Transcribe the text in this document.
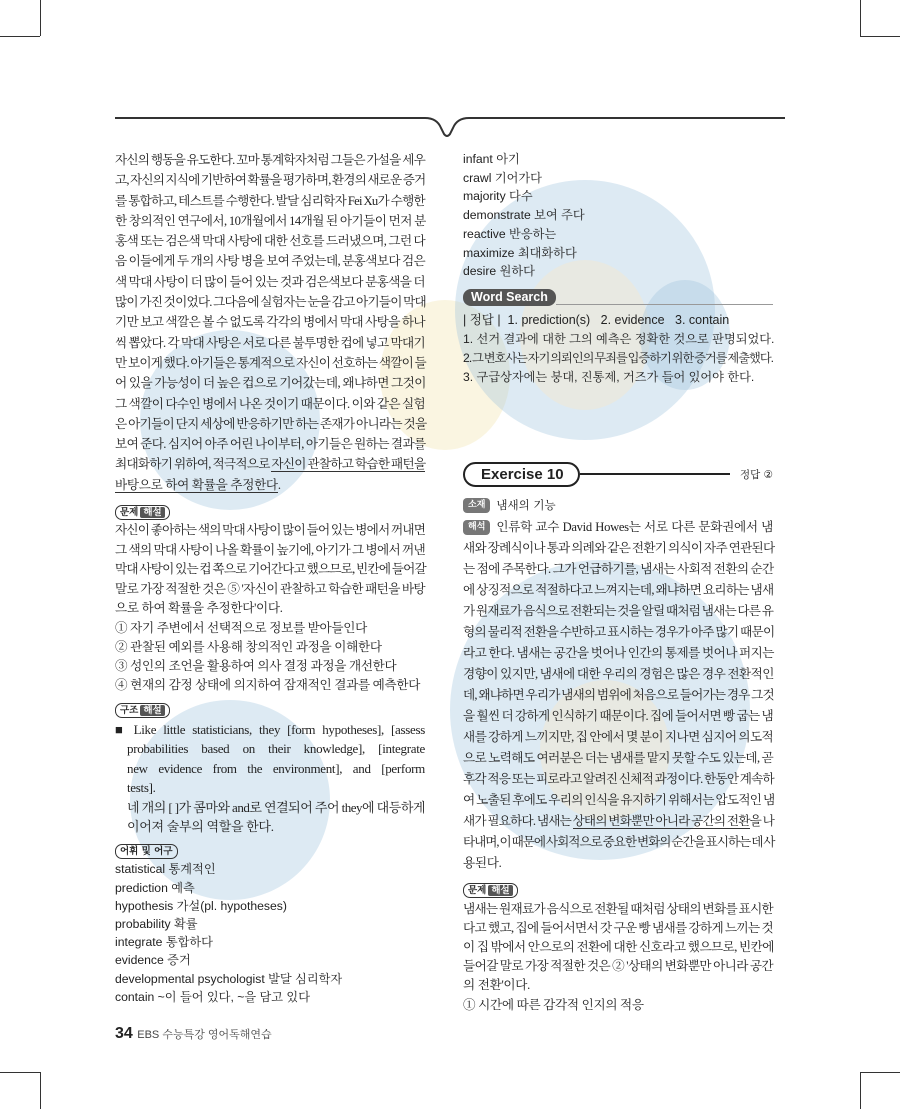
자신의 행동을 유도한다. 꼬마 통계학자처럼 그들은 가설을 세우
고, 자신의 지식에 기반하여 확률을 평가하며, 환경의 새로운 증거
를 통합하고, 테스트를 수행한다. 발달 심리학자 Fei Xu가 수행한
한 창의적인 연구에서, 10개월에서 14개월 된 아기들이 먼저 분
홍색 또는 검은색 막대 사탕에 대한 선호를 드러냈으며, 그런 다
음 이들에게 두 개의 사탕 병을 보여 주었는데, 분홍색보다 검은
색 막대 사탕이 더 많이 들어 있는 것과 검은색보다 분홍색을 더
많이 가진 것이었다. 그다음에 실험자는 눈을 감고 아기들이 막대
기만 보고 색깔은 볼 수 없도록 각각의 병에서 막대 사탕을 하나
씩 뽑았다. 각 막대 사탕은 서로 다른 불투명한 컵에 넣고 막대기
만 보이게 했다. 아기들은 통계적으로 자신이 선호하는 색깔이 들
어 있을 가능성이 더 높은 컵으로 기어갔는데, 왜냐하면 그것이
그 색깔이 다수인 병에서 나온 것이기 때문이다. 이와 같은 실험
은 아기들이 단지 세상에 반응하기만 하는 존재가 아니라는 것을
보여 준다. 심지어 아주 어린 나이부터, 아기들은 원하는 결과를
최대화하기 위하여, 적극적으로 자신이 관찰하고 학습한 패턴을
바탕으로 하여 확률을 추정한다.
문제 해설
자신이 좋아하는 색의 막대 사탕이 많이 들어 있는 병에서 꺼내면
그 색의 막대 사탕이 나올 확률이 높기에, 아기가 그 병에서 꺼낸
막대 사탕이 있는 컵 쪽으로 기어간다고 했으므로, 빈칸에 들어갈
말로 가장 적절한 것은 ⑤ '자신이 관찰하고 학습한 패턴을 바탕
으로 하여 확률을 추정한다'이다.
① 자기 주변에서 선택적으로 정보를 받아들인다
② 관찰된 예외를 사용해 창의적인 과정을 이해한다
③ 성인의 조언을 활용하여 의사 결정 과정을 개선한다
④ 현재의 감정 상태에 의지하여 잠재적인 결과를 예측한다
구조 해설
■ Like little statisticians, they [form hypotheses], [assess
probabilities based on their knowledge], [integrate
new evidence from the environment], and [perform
tests].
네 개의 [ ]가 콤마와 and로 연결되어 주어 they에 대등하게
이어져 술부의 역할을 한다.
어휘 및 어구
statistical 통계적인
prediction 예측
hypothesis 가설(pl. hypotheses)
probability 확률
integrate 통합하다
evidence 증거
developmental psychologist 발달 심리학자
contain ~이 들어 있다, ~을 담고 있다
34 EBS 수능특강 영어독해연습
infant 아기
crawl 기어가다
majority 다수
demonstrate 보여 주다
reactive 반응하는
maximize 최대화하다
desire 원하다
Word Search
| 정답 | 1. prediction(s) 2. evidence 3. contain
1. 선거 결과에 대한 그의 예측은 정확한 것으로 판명되었다.
2. 그 변호사는 자기 의뢰인의 무죄를 입증하기 위한 증거를 제출했다.
3. 구급상자에는 붕대, 진통제, 거즈가 들어 있어야 한다.
Exercise 10	정답 ②
소재 냄새의 기능
해석 인류학 교수 David Howes는 서로 다른 문화권에서 냄
새와 장례식이나 통과 의례와 같은 전환기 의식이 자주 연관된다
는 점에 주목한다. 그가 언급하기를, 냄새는 사회적 전환의 순간
에 상징적으로 적절하다고 느껴지는데, 왜냐하면 요리하는 냄새
가 원재료가 음식으로 전환되는 것을 알릴 때처럼 냄새는 다른 유
형의 물리적 전환을 수반하고 표시하는 경우가 아주 많기 때문이
라고 한다. 냄새는 공간을 벗어나 인간의 통제를 벗어나 퍼지는
경향이 있지만, 냄새에 대한 우리의 경험은 많은 경우 전환적인
데, 왜냐하면 우리가 냄새의 범위에 처음으로 들어가는 경우 그것
을 훨씬 더 강하게 인식하기 때문이다. 집에 들어서면 빵 굽는 냄
새를 강하게 느끼지만, 집 안에서 몇 분이 지나면 심지어 의도적
으로 노력해도 여러분은 더는 냄새를 맡지 못할 수도 있는데, 곧
후각 적응 또는 피로라고 알려진 신체적 과정이다. 한동안 계속하
여 노출된 후에도 우리의 인식을 유지하기 위해서는 압도적인 냄
새가 필요하다. 냄새는 상태의 변화뿐만 아니라 공간의 전환을 나
타내며, 이 때문에 사회적으로 중요한 변화의 순간을 표시하는 데 사
용된다.
문제 해설
냄새는 원재료가 음식으로 전환될 때처럼 상태의 변화를 표시한
다고 했고, 집에 들어서면서 갓 구운 빵 냄새를 강하게 느끼는 것
이 집 밖에서 안으로의 전환에 대한 신호라고 했으므로, 빈칸에
들어갈 말로 가장 적절한 것은 ② '상태의 변화뿐만 아니라 공간
의 전환'이다.
① 시간에 따른 감각적 인지의 적응
